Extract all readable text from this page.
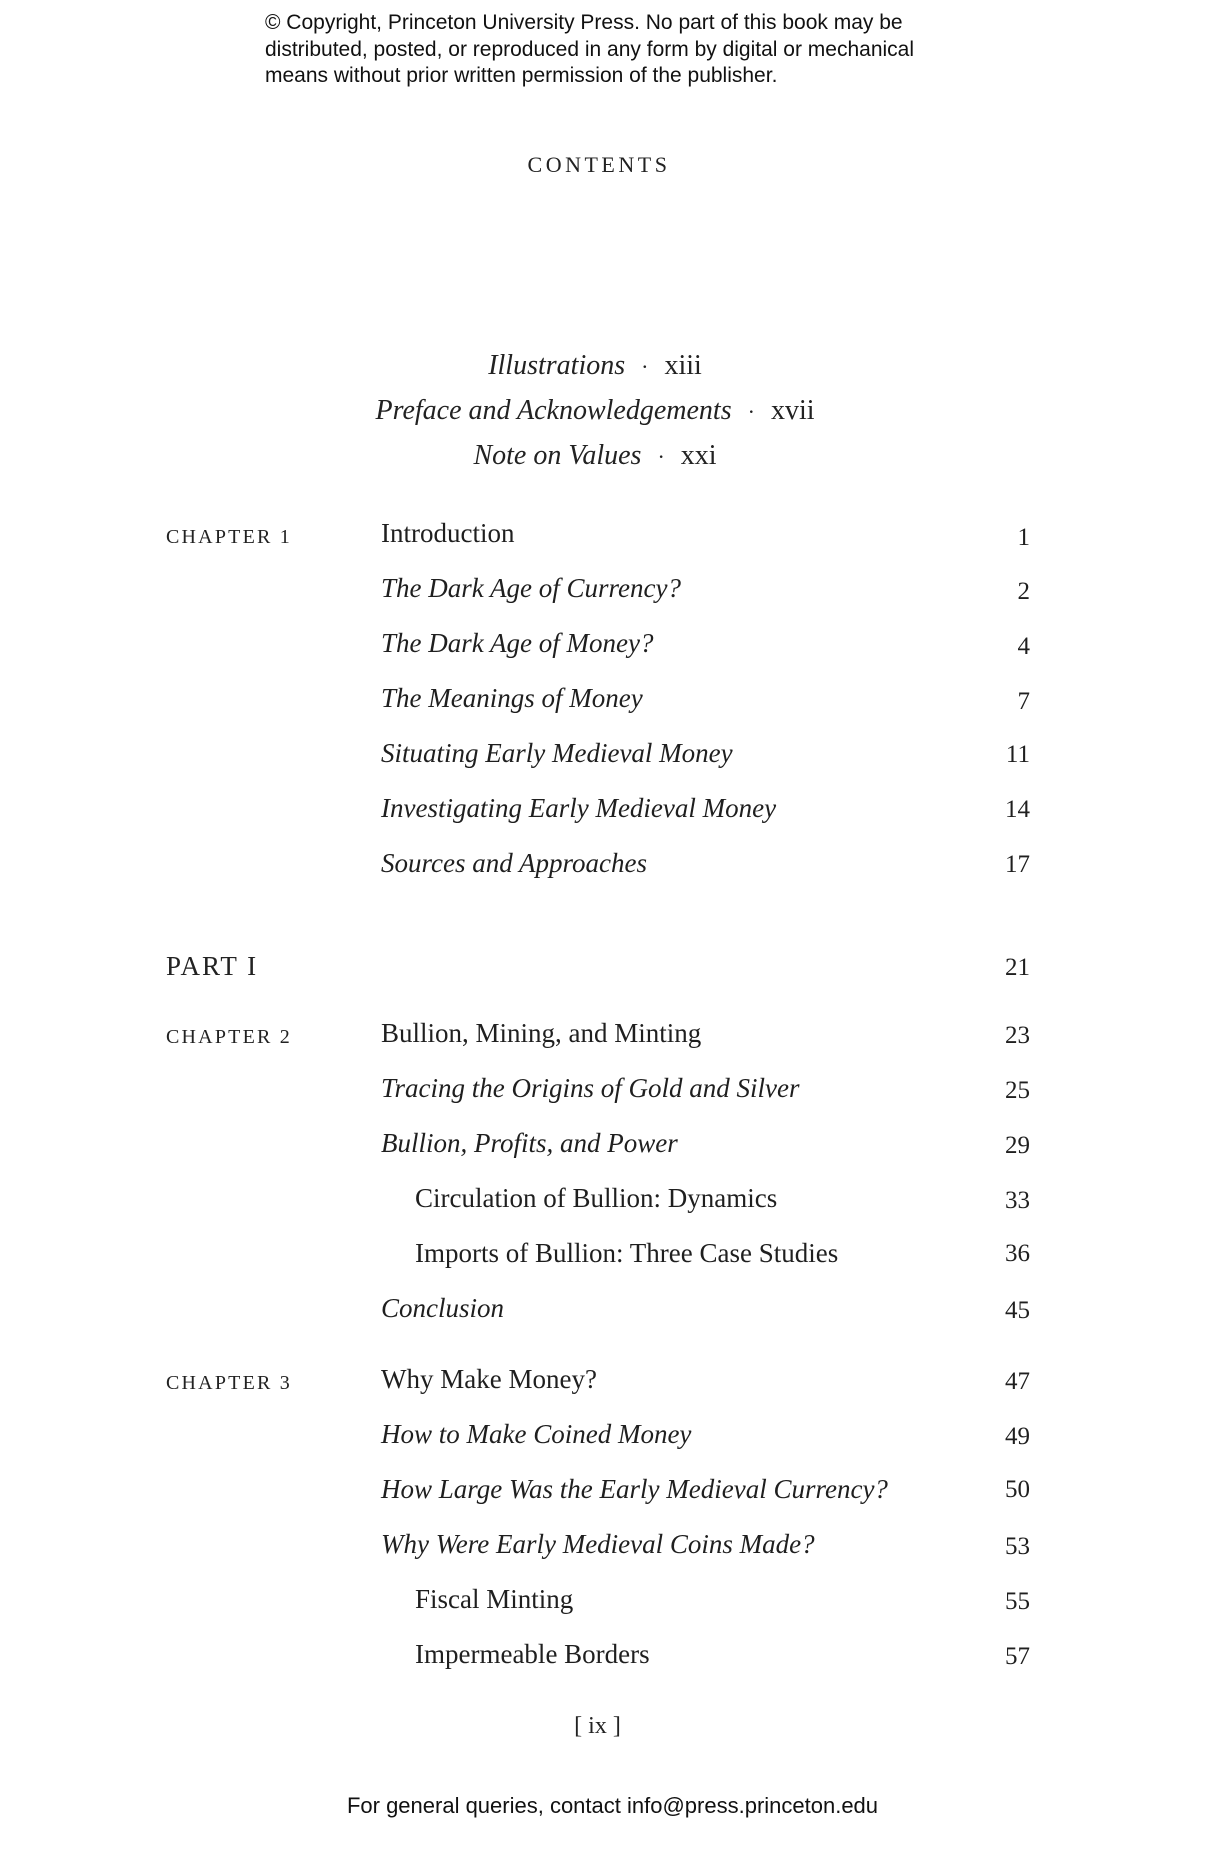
© Copyright, Princeton University Press. No part of this book may be
distributed, posted, or reproduced in any form by digital or mechanical
means without prior written permission of the publisher.
CONTENTS
Illustrations · xiii
Preface and Acknowledgements · xvii
Note on Values · xxi
CHAPTER 1	Introduction	1
The Dark Age of Currency?	2
The Dark Age of Money?	4
The Meanings of Money	7
Situating Early Medieval Money	11
Investigating Early Medieval Money	14
Sources and Approaches	17
PART I	21
CHAPTER 2	Bullion, Mining, and Minting	23
Tracing the Origins of Gold and Silver	25
Bullion, Profits, and Power	29
Circulation of Bullion: Dynamics	33
Imports of Bullion: Three Case Studies	36
Conclusion	45
CHAPTER 3	Why Make Money?	47
How to Make Coined Money	49
How Large Was the Early Medieval Currency?	50
Why Were Early Medieval Coins Made?	53
Fiscal Minting	55
Impermeable Borders	57
[ ix ]
For general queries, contact info@press.princeton.edu
